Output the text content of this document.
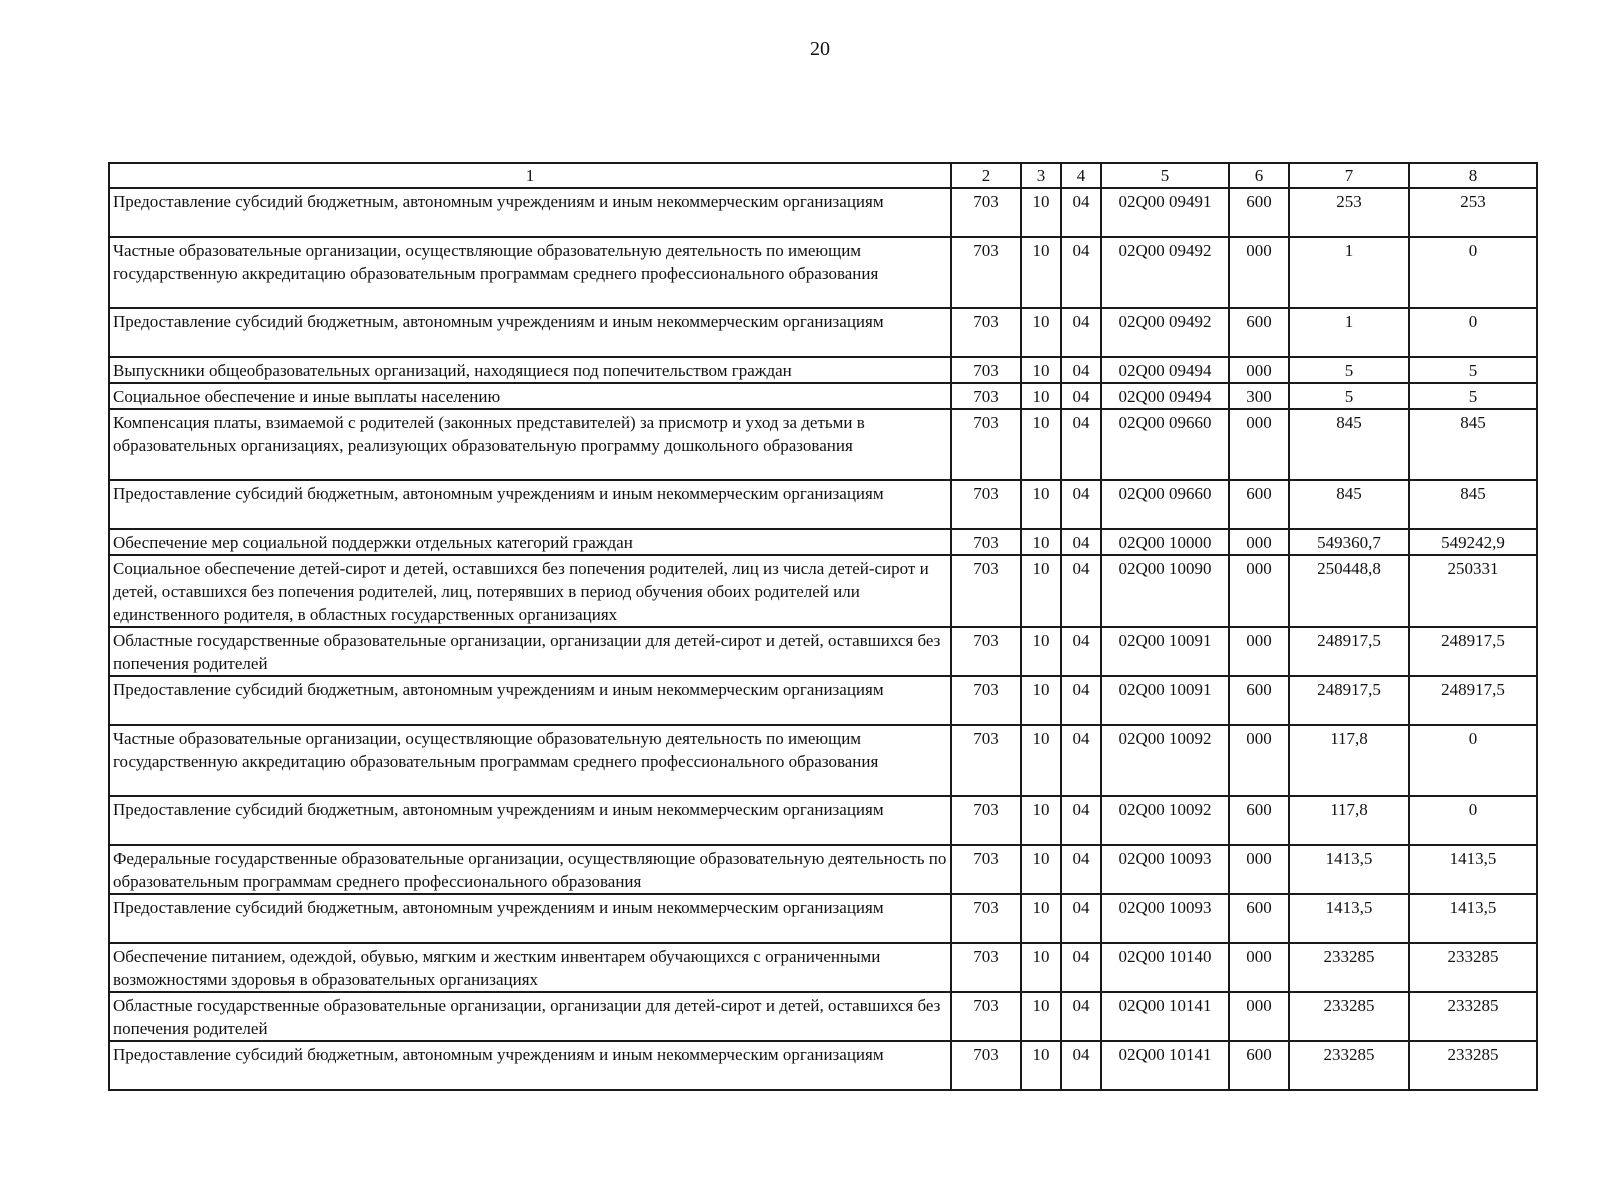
20
1	2	3	4	5	6	7	8
Предоставление субсидий бюджетным, автономным учреждениям и иным некоммерческим организациям	703	10	04	02Q00 09491	600	253	253
Частные образовательные организации, осуществляющие образовательную деятельность по имеющим государственную аккредитацию образовательным программам среднего профессионального образования	703	10	04	02Q00 09492	000	1	0
Предоставление субсидий бюджетным, автономным учреждениям и иным некоммерческим организациям	703	10	04	02Q00 09492	600	1	0
Выпускники общеобразовательных организаций, находящиеся под попечительством граждан	703	10	04	02Q00 09494	000	5	5
Социальное обеспечение и иные выплаты населению	703	10	04	02Q00 09494	300	5	5
Компенсация платы, взимаемой с родителей (законных представителей) за присмотр и уход за детьми в образовательных организациях, реализующих образовательную программу дошкольного образования	703	10	04	02Q00 09660	000	845	845
Предоставление субсидий бюджетным, автономным учреждениям и иным некоммерческим организациям	703	10	04	02Q00 09660	600	845	845
Обеспечение мер социальной поддержки отдельных категорий граждан	703	10	04	02Q00 10000	000	549360,7	549242,9
Социальное обеспечение детей-сирот и детей, оставшихся без попечения родителей, лиц из числа детей-сирот и детей, оставшихся без попечения родителей, лиц, потерявших в период обучения обоих родителей или единственного родителя, в областных государственных организациях	703	10	04	02Q00 10090	000	250448,8	250331
Областные государственные образовательные организации, организации для детей-сирот и детей, оставшихся без попечения родителей	703	10	04	02Q00 10091	000	248917,5	248917,5
Предоставление субсидий бюджетным, автономным учреждениям и иным некоммерческим организациям	703	10	04	02Q00 10091	600	248917,5	248917,5
Частные образовательные организации, осуществляющие образовательную деятельность по имеющим государственную аккредитацию образовательным программам среднего профессионального образования	703	10	04	02Q00 10092	000	117,8	0
Предоставление субсидий бюджетным, автономным учреждениям и иным некоммерческим организациям	703	10	04	02Q00 10092	600	117,8	0
Федеральные государственные образовательные организации, осуществляющие образовательную деятельность по образовательным программам среднего профессионального образования	703	10	04	02Q00 10093	000	1413,5	1413,5
Предоставление субсидий бюджетным, автономным учреждениям и иным некоммерческим организациям	703	10	04	02Q00 10093	600	1413,5	1413,5
Обеспечение питанием, одеждой, обувью, мягким и жестким инвентарем обучающихся с ограниченными возможностями здоровья в образовательных организациях	703	10	04	02Q00 10140	000	233285	233285
Областные государственные образовательные организации, организации для детей-сирот и детей, оставшихся без попечения родителей	703	10	04	02Q00 10141	000	233285	233285
Предоставление субсидий бюджетным, автономным учреждениям и иным некоммерческим организациям	703	10	04	02Q00 10141	600	233285	233285
